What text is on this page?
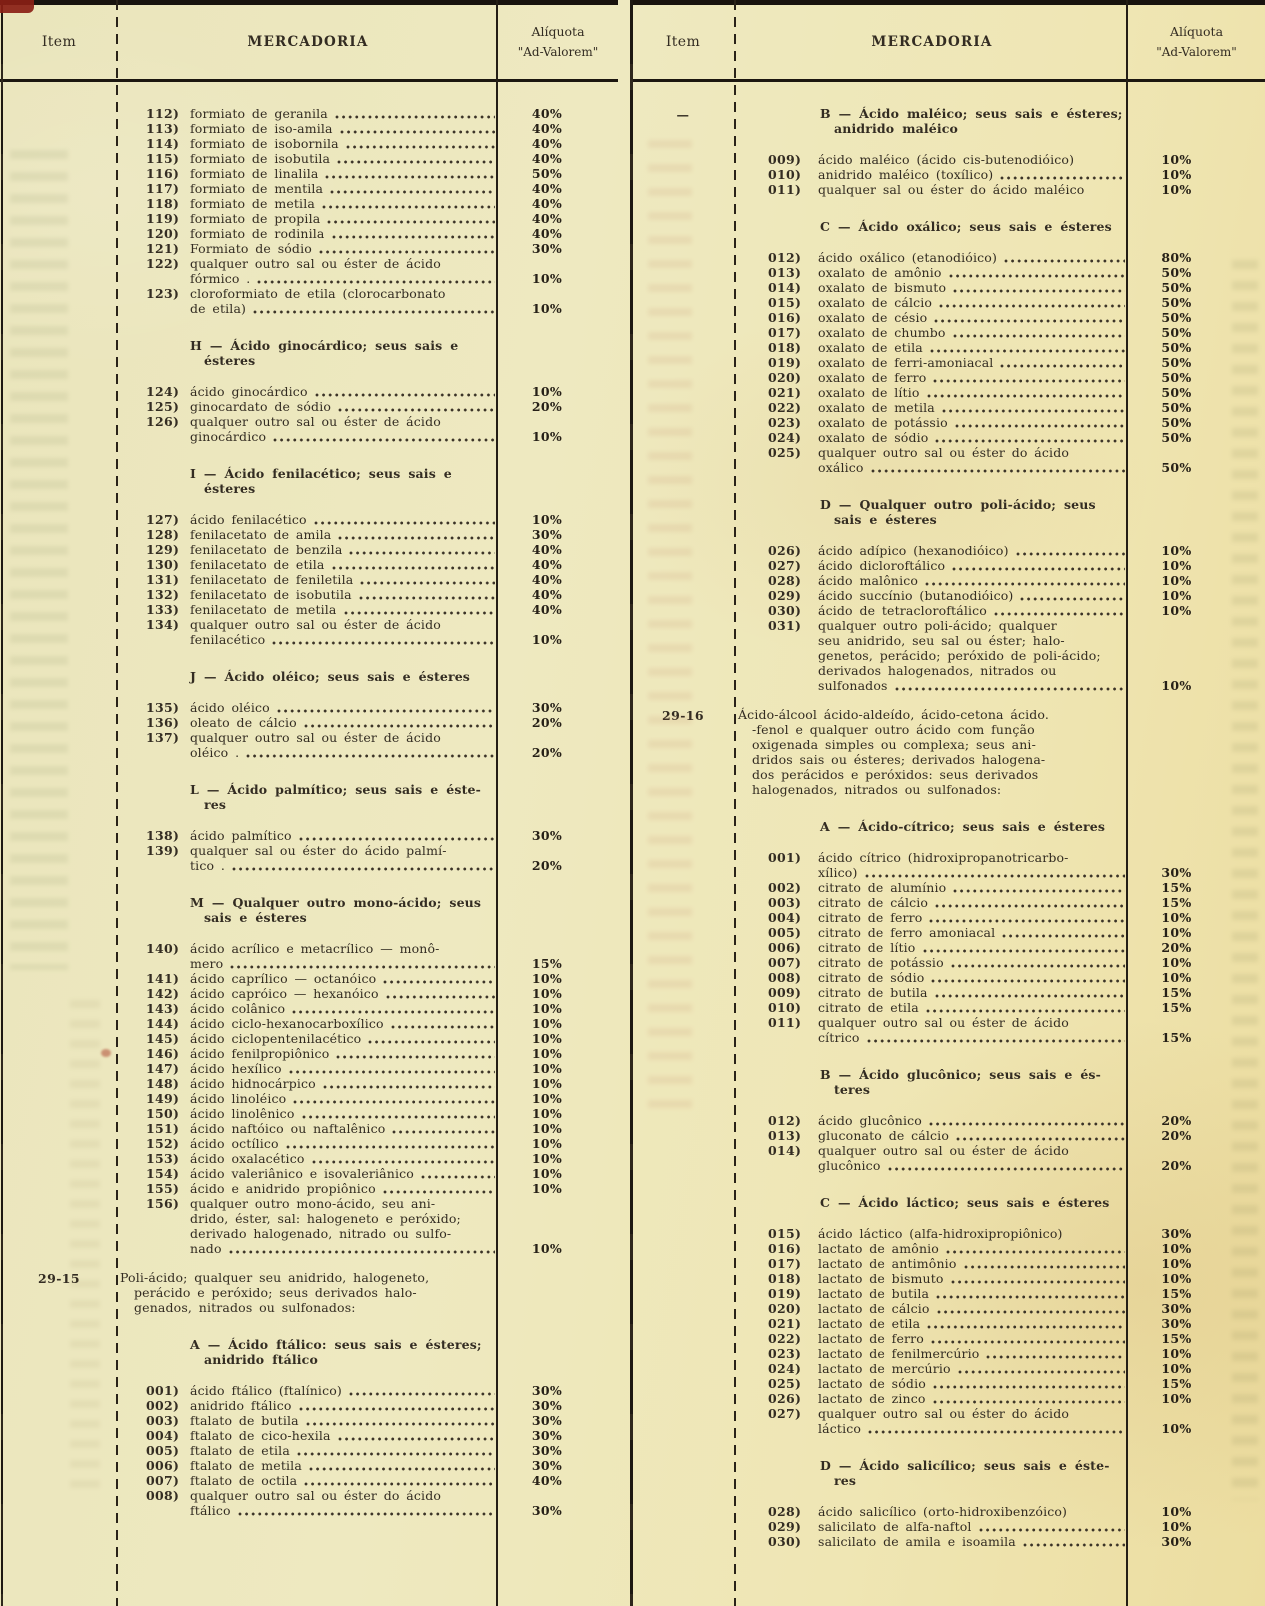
Item	MERCADORIA
Alíquota
"Ad-Valorem"
112) formiato de geranila	40%
113) formiato de iso-amila	40%
114) formiato de isobornila	40%
115) formiato de isobutila	40%
116) formiato de linalila	50%
117) formiato de mentila	40%
118) formiato de metila	40%
119) formiato de propila	40%
120) formiato de rodinila	40%
121) Formiato de sódio	30%
122) qualquer outro sal ou éster de ácido
fórmico .	10%
123) cloroformiato de etila (clorocarbonato
de etila)	10%
H — Ácido ginocárdico; seus sais e
ésteres
124) ácido ginocárdico	10%
125) ginocardato de sódio	20%
126) qualquer outro sal ou éster de ácido
ginocárdico	10%
I — Ácido fenilacético; seus sais e
ésteres
127) ácido fenilacético	10%
128) fenilacetato de amila	30%
129) fenilacetato de benzila	40%
130) fenilacetato de etila	40%
131) fenilacetato de feniletila	40%
132) fenilacetato de isobutila	40%
133) fenilacetato de metila	40%
134) qualquer outro sal ou éster de ácido
fenilacético	10%
J — Ácido oléico; seus sais e ésteres
135) ácido oléico	30%
136) oleato de cálcio	20%
137) qualquer outro sal ou éster de ácido
oléico .	20%
L — Ácido palmítico; seus sais e éste-
res
138) ácido palmítico	30%
139) qualquer sal ou éster do ácido palmí-
tico .	20%
M — Qualquer outro mono-ácido; seus
sais e ésteres
140) ácido acrílico e metacrílico — monô-
mero	15%
141) ácido caprílico — octanóico	10%
142) ácido capróico — hexanóico	10%
143) ácido colânico	10%
144) ácido ciclo-hexanocarboxílico	10%
145) ácido ciclopentenilacético	10%
146) ácido fenilpropiônico	10%
147) ácido hexílico	10%
148) ácido hidnocárpico	10%
149) ácido linoléico	10%
150) ácido linolênico	10%
151) ácido naftóico ou naftalênico	10%
152) ácido octílico	10%
153) ácido oxalacético	10%
154) ácido valeriânico e isovaleriânico	10%
155) ácido e anidrido propiônico	10%
156) qualquer outro mono-ácido, seu ani-
drido, éster, sal: halogeneto e peróxido;
derivado halogenado, nitrado ou sulfo-
nado	10%
29-15	Poli-ácido; qualquer seu anidrido, halogeneto,
perácido e peróxido; seus derivados halo-
genados, nitrados ou sulfonados:
A — Ácido ftálico: seus sais e ésteres;
anidrido ftálico
001) ácido ftálico (ftalínico)	30%
002) anidrido ftálico	30%
003) ftalato de butila	30%
004) ftalato de cico-hexila	30%
005) ftalato de etila	30%
006) ftalato de metila	30%
007) ftalato de octila	40%
008) qualquer outro sal ou éster do ácido
ftálico	30%
Item	MERCADORIA
Alíquota
"Ad-Valorem"
—	B — Ácido maléico; seus sais e ésteres;
anidrido maléico
009)	ácido maléico (ácido cis-butenodióico)	10%
010)	anidrido maléico (toxílico)	10%
011)	qualquer sal ou éster do ácido maléico	10%
C — Ácido oxálico; seus sais e ésteres
012)	ácido oxálico (etanodióico)	80%
013)	oxalato de amônio	50%
014)	oxalato de bismuto	50%
015)	oxalato de cálcio	50%
016)	oxalato de césio	50%
017)	oxalato de chumbo	50%
018)	oxalato de etila	50%
019)	oxalato de ferri-amoniacal	50%
020)	oxalato de ferro	50%
021)	oxalato de lítio	50%
022)	oxalato de metila	50%
023)	oxalato de potássio	50%
024)	oxalato de sódio	50%
025)	qualquer outro sal ou éster do ácido
oxálico	50%
D — Qualquer outro poli-ácido; seus
sais e ésteres
026)	ácido adípico (hexanodióico)	10%
027)	ácido dicloroftálico	10%
028)	ácido malônico	10%
029)	ácido succínio (butanodióico)	10%
030)	ácido de tetracloroftálico	10%
031)	qualquer outro poli-ácido; qualquer
seu anidrido, seu sal ou éster; halo-
genetos, perácido; peróxido de poli-ácido;
derivados halogenados, nitrados ou
sulfonados	10%
29-16	Ácido-álcool ácido-aldeído, ácido-cetona ácido.
-fenol e qualquer outro ácido com função
oxigenada simples ou complexa; seus ani-
dridos sais ou ésteres; derivados halogena-
dos perácidos e peróxidos: seus derivados
halogenados, nitrados ou sulfonados:
A — Ácido-cítrico; seus sais e ésteres
001)	ácido cítrico (hidroxipropanotricarbo-
xílico)	30%
002)	citrato de alumínio	15%
003)	citrato de cálcio	15%
004)	citrato de ferro	10%
005)	citrato de ferro amoniacal	10%
006)	citrato de lítio	20%
007)	citrato de potássio	10%
008)	citrato de sódio	10%
009)	citrato de butila	15%
010)	citrato de etila	15%
011)	qualquer outro sal ou éster de ácido
cítrico	15%
B — Ácido glucônico; seus sais e és-
teres
012)	ácido glucônico	20%
013)	gluconato de cálcio	20%
014)	qualquer outro sal ou éster de ácido
glucônico	20%
C — Ácido láctico; seus sais e ésteres
015)	ácido láctico (alfa-hidroxipropiônico)	30%
016)	lactato de amônio	10%
017)	lactato de antimônio	10%
018)	lactato de bismuto	10%
019)	lactato de butila	15%
020)	lactato de cálcio	30%
021)	lactato de etila	30%
022)	lactato de ferro	15%
023)	lactato de fenilmercúrio	10%
024)	lactato de mercúrio	10%
025)	lactato de sódio	15%
026)	lactato de zinco	10%
027)	qualquer outro sal ou éster do ácido
láctico	10%
D — Ácido salicílico; seus sais e éste-
res
028)	ácido salicílico (orto-hidroxibenzóico)	10%
029)	salicilato de alfa-naftol	10%
030)	salicilato de amila e isoamila	30%
